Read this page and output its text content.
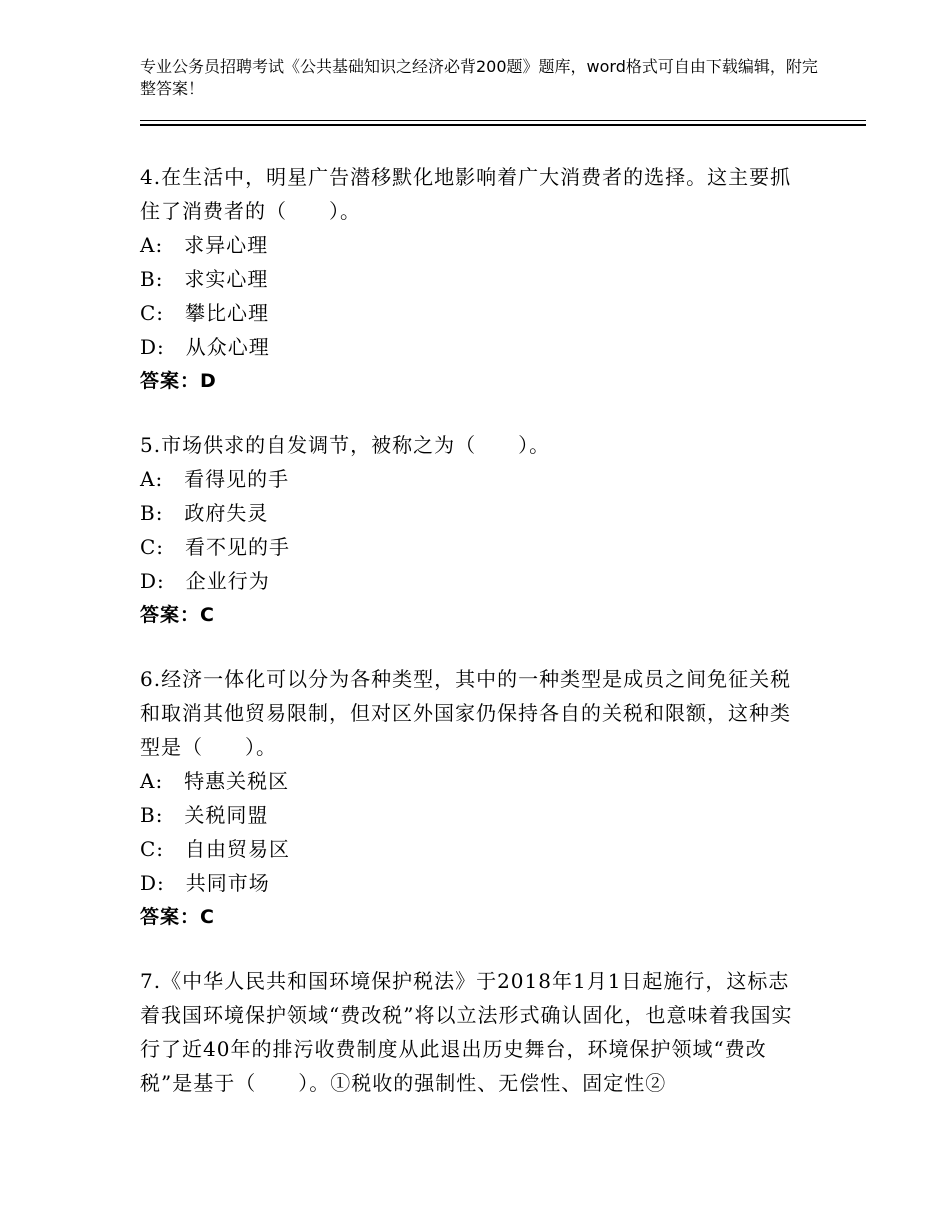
专业公务员招聘考试《公共基础知识之经济必背200题》题库，word格式可自由下载编辑，附完整答案！

4.在生活中，明星广告潜移默化地影响着广大消费者的选择。这主要抓住了消费者的（　　）。

A:　求异心理

B:　求实心理

C:　攀比心理

D:　从众心理

答案：D

5.市场供求的自发调节，被称之为（　　）。

A:　看得见的手

B:　政府失灵

C:　看不见的手

D:　企业行为

答案：C

6.经济一体化可以分为各种类型，其中的一种类型是成员之间免征关税和取消其他贸易限制，但对区外国家仍保持各自的关税和限额，这种类型是（　　）。

A:　特惠关税区

B:　关税同盟

C:　自由贸易区

D:　共同市场

答案：C

7.《中华人民共和国环境保护税法》于2018年1月1日起施行，这标志着我国环境保护领域“费改税”将以立法形式确认固化，也意味着我国实行了近40年的排污收费制度从此退出历史舞台，环境保护领域“费改税”是基于（　　）。①税收的强制性、无偿性、固定性②
